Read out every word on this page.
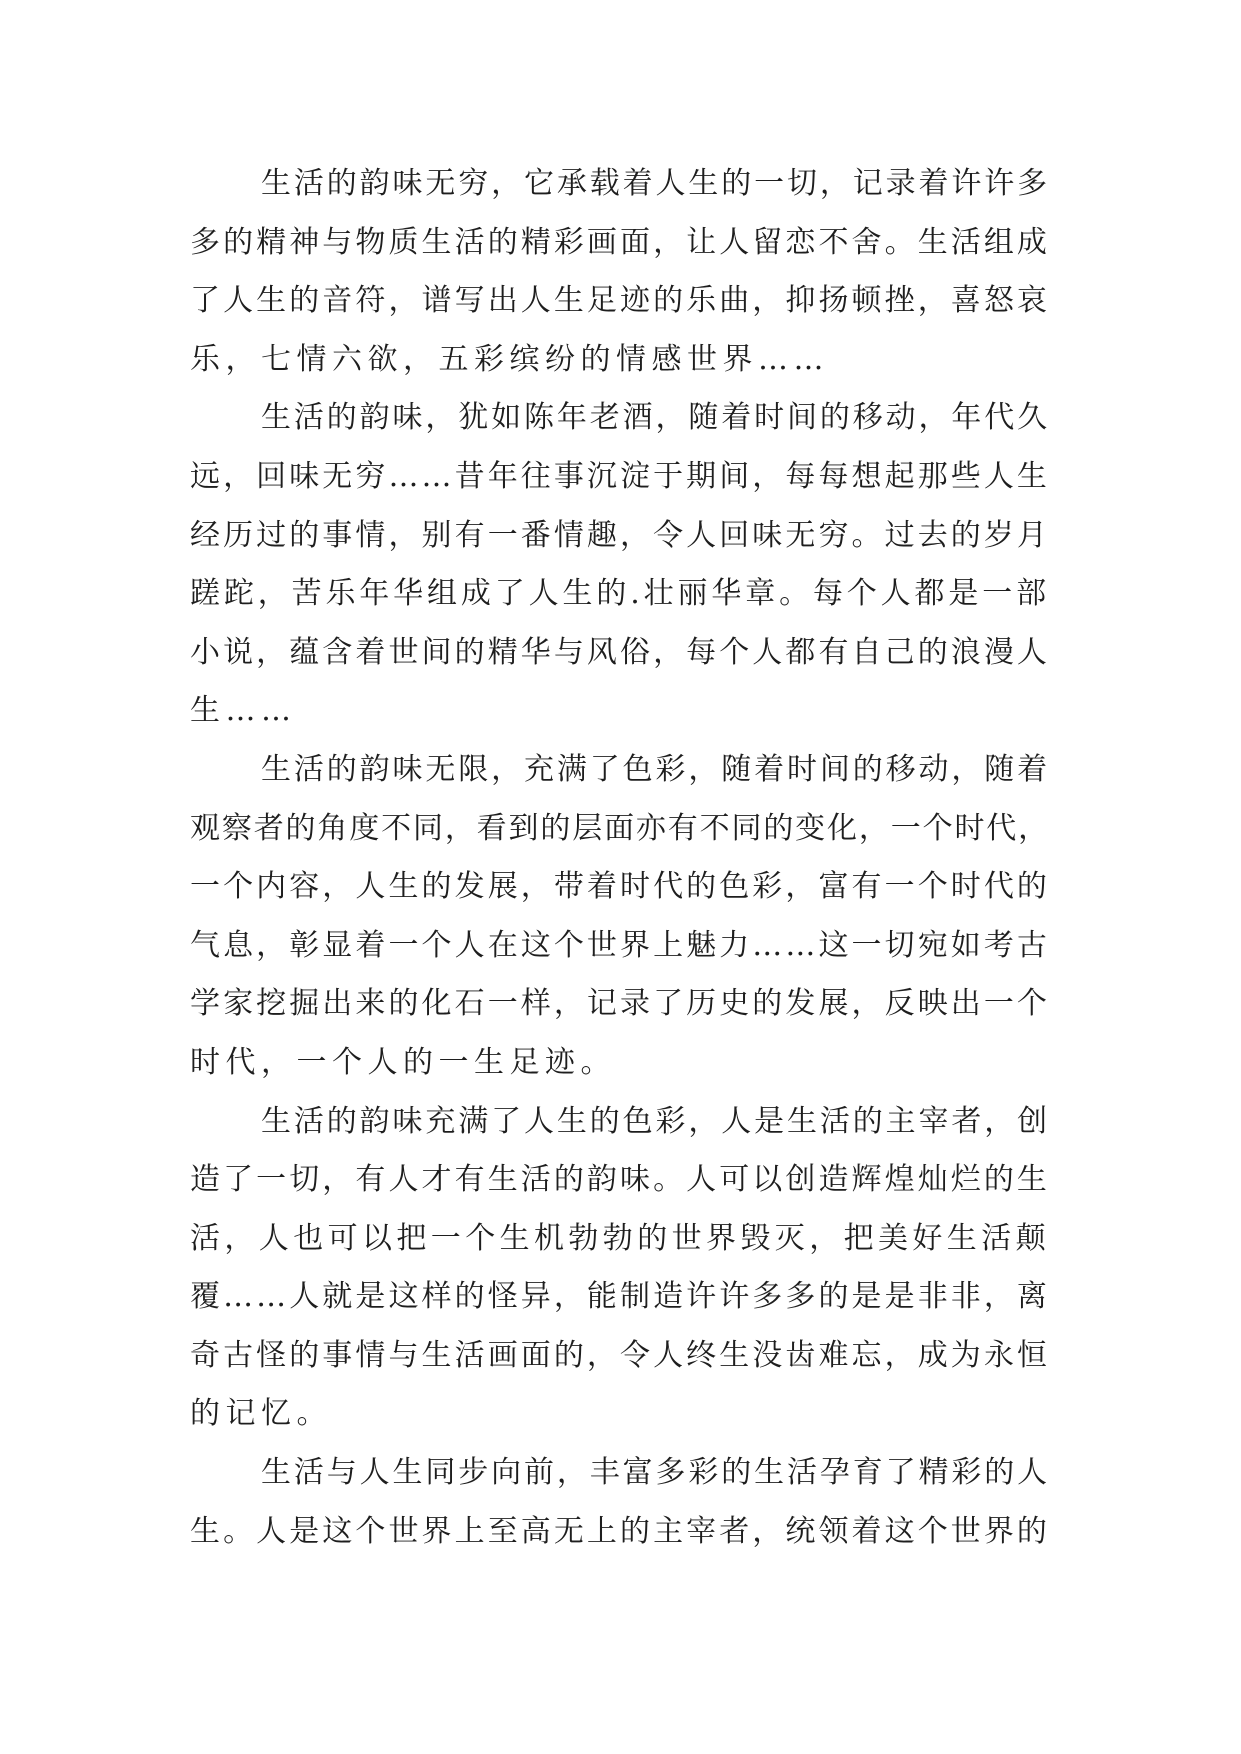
生活的韵味无穷，它承载着人生的一切，记录着许许多
多的精神与物质生活的精彩画面，让人留恋不舍。生活组成
了人生的音符，谱写出人生足迹的乐曲，抑扬顿挫，喜怒哀
乐，七情六欲，五彩缤纷的情感世界……
生活的韵味，犹如陈年老酒，随着时间的移动，年代久
远，回味无穷……昔年往事沉淀于期间，每每想起那些人生
经历过的事情，别有一番情趣，令人回味无穷。过去的岁月
蹉跎，苦乐年华组成了人生的.壮丽华章。每个人都是一部
小说，蕴含着世间的精华与风俗，每个人都有自己的浪漫人
生……
生活的韵味无限，充满了色彩，随着时间的移动，随着
观察者的角度不同，看到的层面亦有不同的变化，一个时代，
一个内容，人生的发展，带着时代的色彩，富有一个时代的
气息，彰显着一个人在这个世界上魅力……这一切宛如考古
学家挖掘出来的化石一样，记录了历史的发展，反映出一个
时代，一个人的一生足迹。
生活的韵味充满了人生的色彩，人是生活的主宰者，创
造了一切，有人才有生活的韵味。人可以创造辉煌灿烂的生
活，人也可以把一个生机勃勃的世界毁灭，把美好生活颠
覆……人就是这样的怪异，能制造许许多多的是是非非，离
奇古怪的事情与生活画面的，令人终生没齿难忘，成为永恒
的记忆。
生活与人生同步向前，丰富多彩的生活孕育了精彩的人
生。人是这个世界上至高无上的主宰者，统领着这个世界的
